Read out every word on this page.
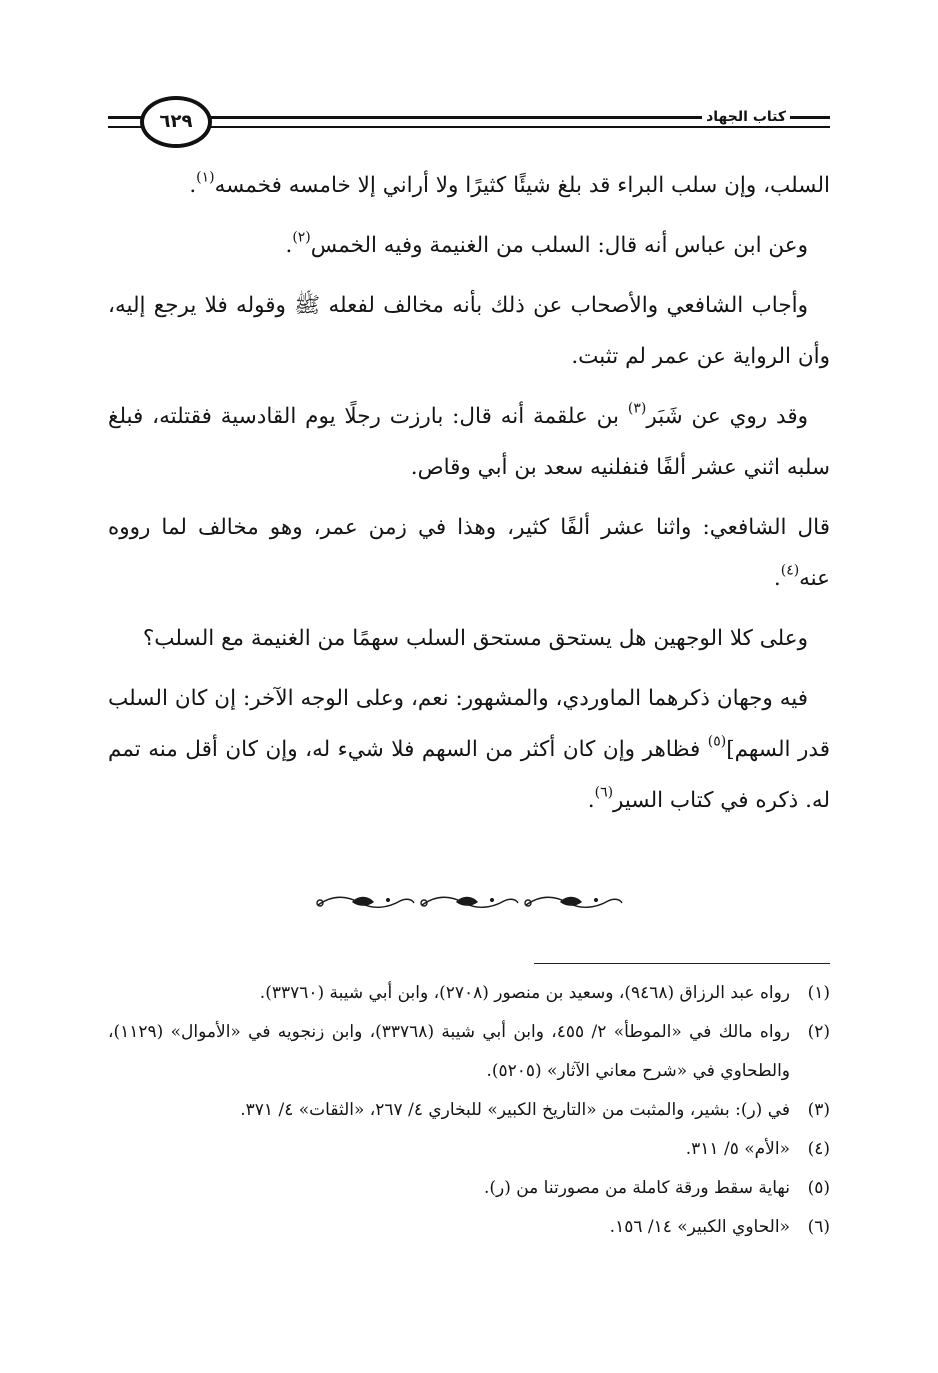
٦٢٩	كتاب الجهاد

السلب، وإن سلب البراء قد بلغ شيئًا كثيرًا ولا أراني إلا خامسه فخمسه$^{(١)}$.

وعن ابن عباس أنه قال: السلب من الغنيمة وفيه الخمس$^{(٢)}$.

وأجاب الشافعي والأصحاب عن ذلك بأنه مخالف لفعله ﷺ وقوله فلا يرجع إليه، وأن الرواية عن عمر لم تثبت.

وقد روي عن شَبَر$^{(٣)}$ بن علقمة أنه قال: بارزت رجلًا يوم القادسية فقتلته، فبلغ سلبه اثني عشر ألفًا فنفلنيه سعد بن أبي وقاص.

قال الشافعي: واثنا عشر ألفًا كثير، وهذا في زمن عمر، وهو مخالف لما رووه عنه$^{(٤)}$.

وعلى كلا الوجهين هل يستحق مستحق السلب سهمًا من الغنيمة مع السلب؟

فيه وجهان ذكرهما الماوردي، والمشهور: نعم، وعلى الوجه الآخر: إن كان السلب قدر السهم]$^{(٥)}$ فظاهر وإن كان أكثر من السهم فلا شيء له، وإن كان أقل منه تمم له. ذكره في كتاب السير$^{(٦)}$.

(١)
رواه عبد الرزاق (٩٤٦٨)، وسعيد بن منصور (٢٧٠٨)، وابن أبي شيبة (٣٣٧٦٠).
(٢)
رواه مالك في «الموطأ» ٢/ ٤٥٥، وابن أبي شيبة (٣٣٧٦٨)، وابن زنجويه في «الأموال» (١١٢٩)، والطحاوي في «شرح معاني الآثار» (٥٢٠٥).
(٣)
في (ر): بشير، والمثبت من «التاريخ الكبير» للبخاري ٤/ ٢٦٧، «الثقات» ٤/ ٣٧١.
(٤)
«الأم» ٥/ ٣١١.
(٥)
نهاية سقط ورقة كاملة من مصورتنا من (ر).
(٦)
«الحاوي الكبير» ١٤/ ١٥٦.
